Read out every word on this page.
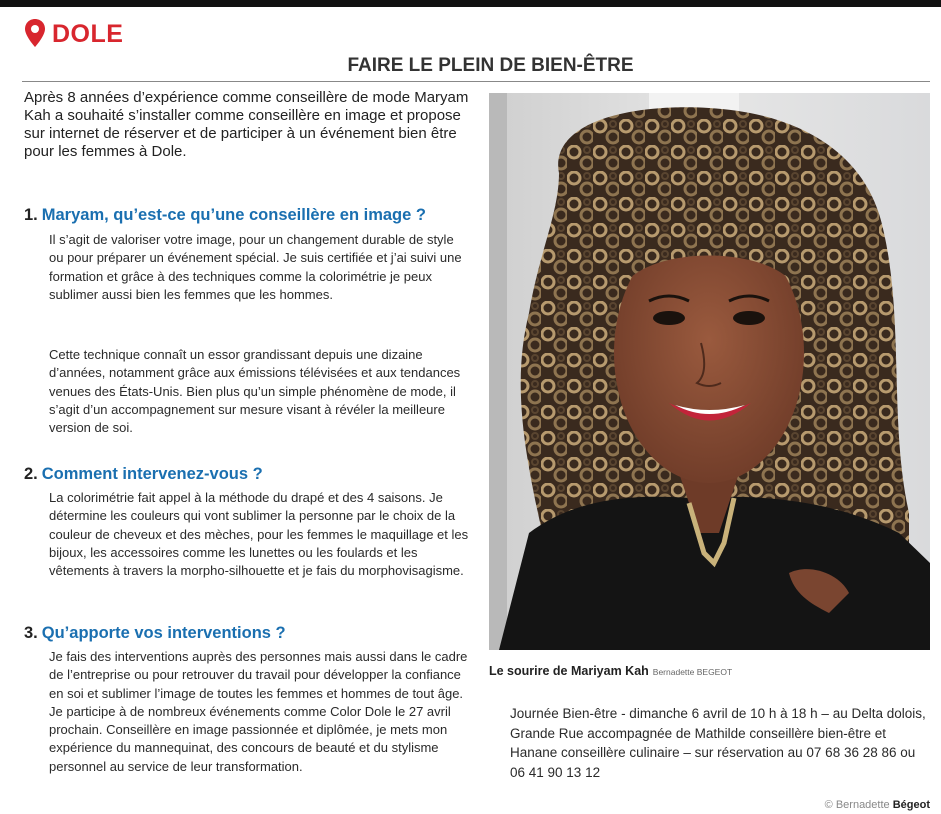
DOLE
FAIRE LE PLEIN DE BIEN-ÊTRE
Après 8 années d’expérience comme conseillère de mode Maryam Kah a souhaité s’installer comme conseillère en image et propose sur internet de réserver et de participer à un événement bien être pour les femmes à Dole.
1. Maryam, qu’est-ce qu’une conseillère en image ?
Il s’agit de valoriser votre image, pour un changement durable de style ou pour préparer un événement spécial. Je suis certifiée et j’ai suivi une formation et grâce à des techniques comme la colorimétrie je peux sublimer aussi bien les femmes que les hommes.
Cette technique connaît un essor grandissant depuis une dizaine d’années, notamment grâce aux émissions télévisées et aux tendances venues des États-Unis. Bien plus qu’un simple phénomène de mode, il s’agit d’un accompagnement sur mesure visant à révéler la meilleure version de soi.
2. Comment intervenez-vous ?
La colorimétrie fait appel à la méthode du drapé et des 4 saisons. Je détermine les couleurs qui vont sublimer la personne par le choix de la couleur de cheveux et des mèches, pour les femmes le maquillage et les bijoux, les accessoires comme les lunettes ou les foulards et les vêtements à travers la morpho-silhouette et je fais du morphovisagisme.
3. Qu’apporte vos interventions ?
Je fais des interventions auprès des personnes mais aussi dans le cadre de l’entreprise ou pour retrouver du travail pour développer la confiance en soi et sublimer l’image de toutes les femmes et hommes de tout âge. Je participe à de nombreux événements comme Color Dole le 27 avril prochain. Conseillère en image passionnée et diplômée, je mets mon expérience du mannequinat, des concours de beauté et du stylisme personnel au service de leur transformation.
Le sourire de Mariyam Kah Bernadette BEGEOT
Journée Bien-être - dimanche 6 avril de 10 h à 18 h – au Delta dolois, Grande Rue accompagnée de Mathilde conseillère bien-être et Hanane conseillère culinaire – sur réservation au 07 68 36 28 86 ou 06 41 90 13 12
© Bernadette Bégeot
